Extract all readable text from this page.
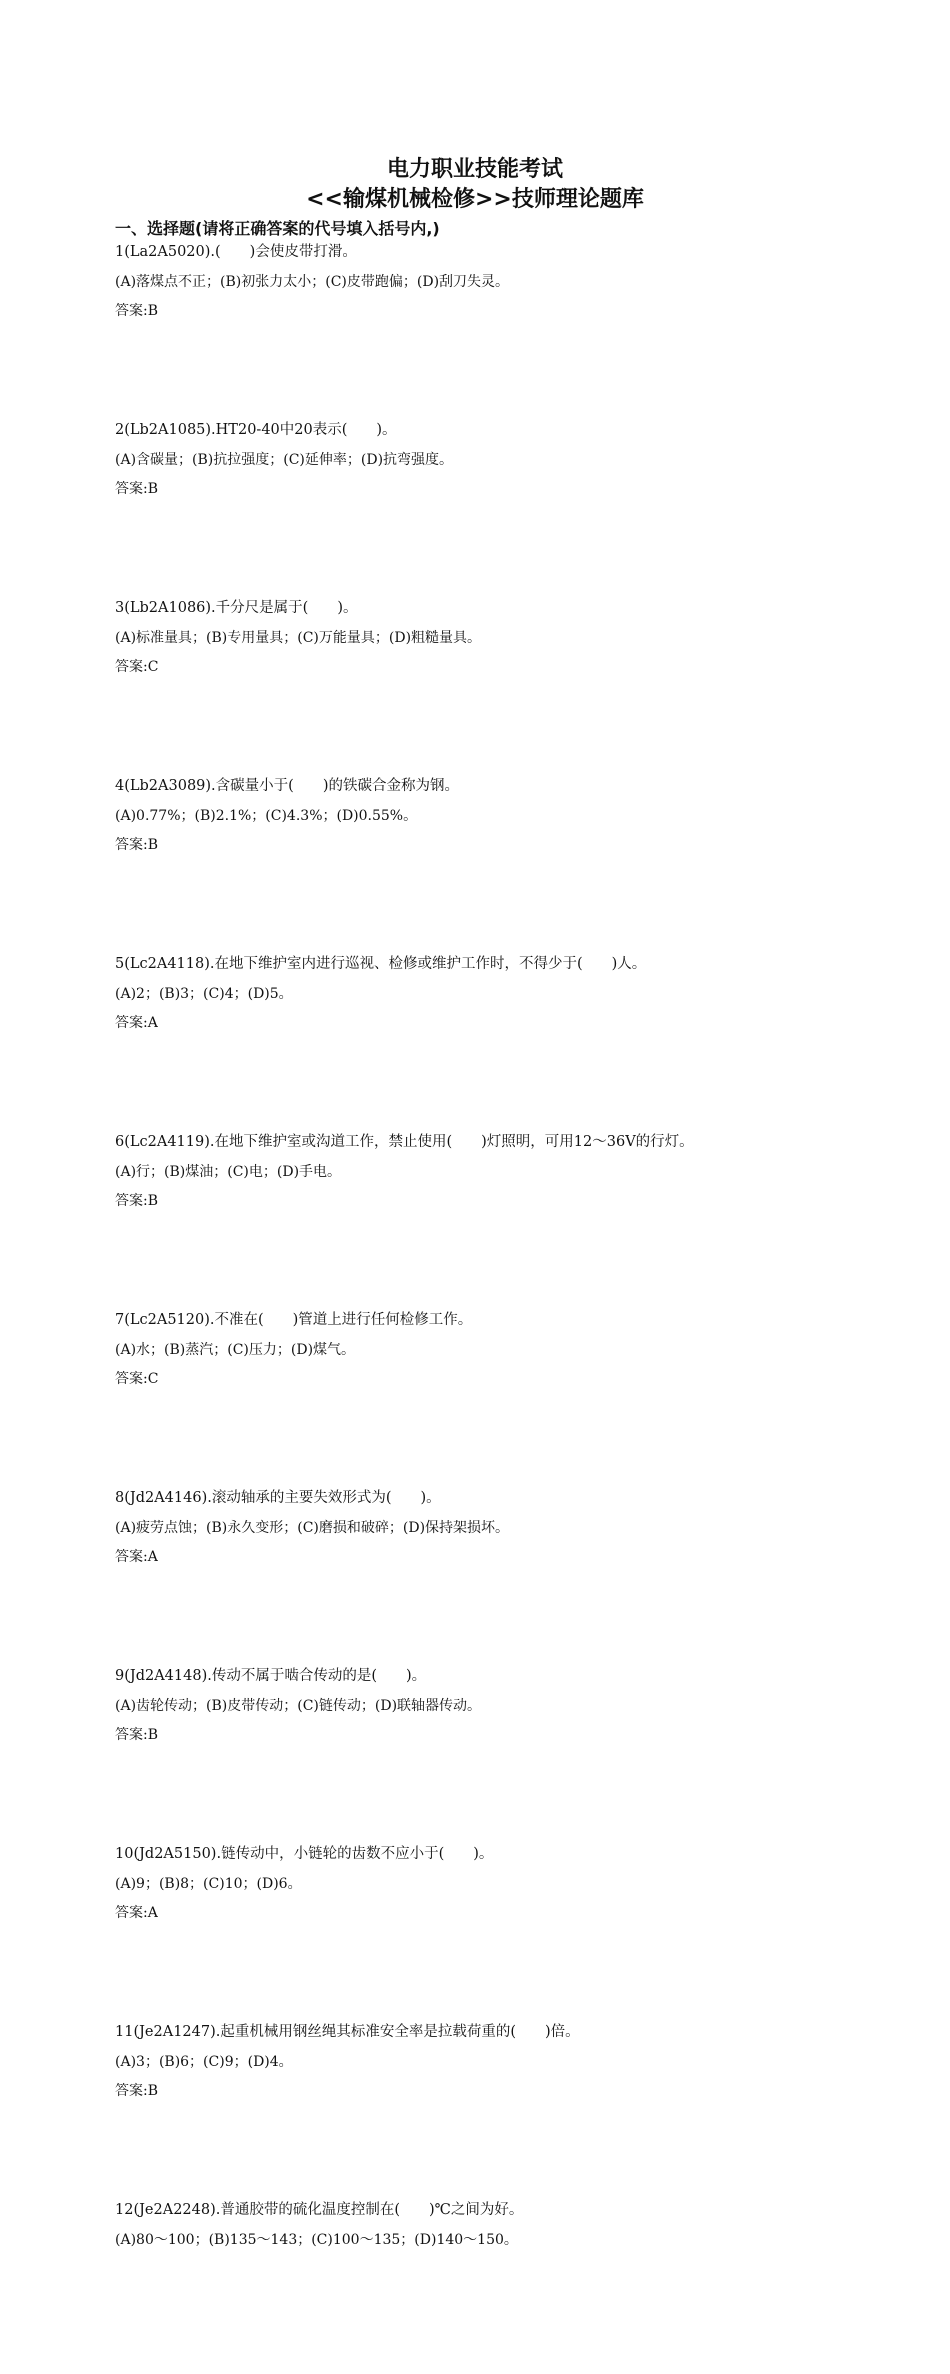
电力职业技能考试
<<输煤机械检修>>技师理论题库
一、选择题(请将正确答案的代号填入括号内,)
1(La2A5020).(　　)会使皮带打滑。
(A)落煤点不正；(B)初张力太小；(C)皮带跑偏；(D)刮刀失灵。
答案:B
2(Lb2A1085).HT20-40中20表示(　　)。
(A)含碳量；(B)抗拉强度；(C)延伸率；(D)抗弯强度。
答案:B
3(Lb2A1086).千分尺是属于(　　)。
(A)标准量具；(B)专用量具；(C)万能量具；(D)粗糙量具。
答案:C
4(Lb2A3089).含碳量小于(　　)的铁碳合金称为钢。
(A)0.77%；(B)2.1%；(C)4.3%；(D)0.55%。
答案:B
5(Lc2A4118).在地下维护室内进行巡视、检修或维护工作时，不得少于(　　)人。
(A)2；(B)3；(C)4；(D)5。
答案:A
6(Lc2A4119).在地下维护室或沟道工作，禁止使用(　　)灯照明，可用12～36V的行灯。
(A)行；(B)煤油；(C)电；(D)手电。
答案:B
7(Lc2A5120).不准在(　　)管道上进行任何检修工作。
(A)水；(B)蒸汽；(C)压力；(D)煤气。
答案:C
8(Jd2A4146).滚动轴承的主要失效形式为(　　)。
(A)疲劳点蚀；(B)永久变形；(C)磨损和破碎；(D)保持架损坏。
答案:A
9(Jd2A4148).传动不属于啮合传动的是(　　)。
(A)齿轮传动；(B)皮带传动；(C)链传动；(D)联轴器传动。
答案:B
10(Jd2A5150).链传动中，小链轮的齿数不应小于(　　)。
(A)9；(B)8；(C)10；(D)6。
答案:A
11(Je2A1247).起重机械用钢丝绳其标准安全率是拉载荷重的(　　)倍。
(A)3；(B)6；(C)9；(D)4。
答案:B
12(Je2A2248).普通胶带的硫化温度控制在(　　)℃之间为好。
(A)80～100；(B)135～143；(C)100～135；(D)140～150。
